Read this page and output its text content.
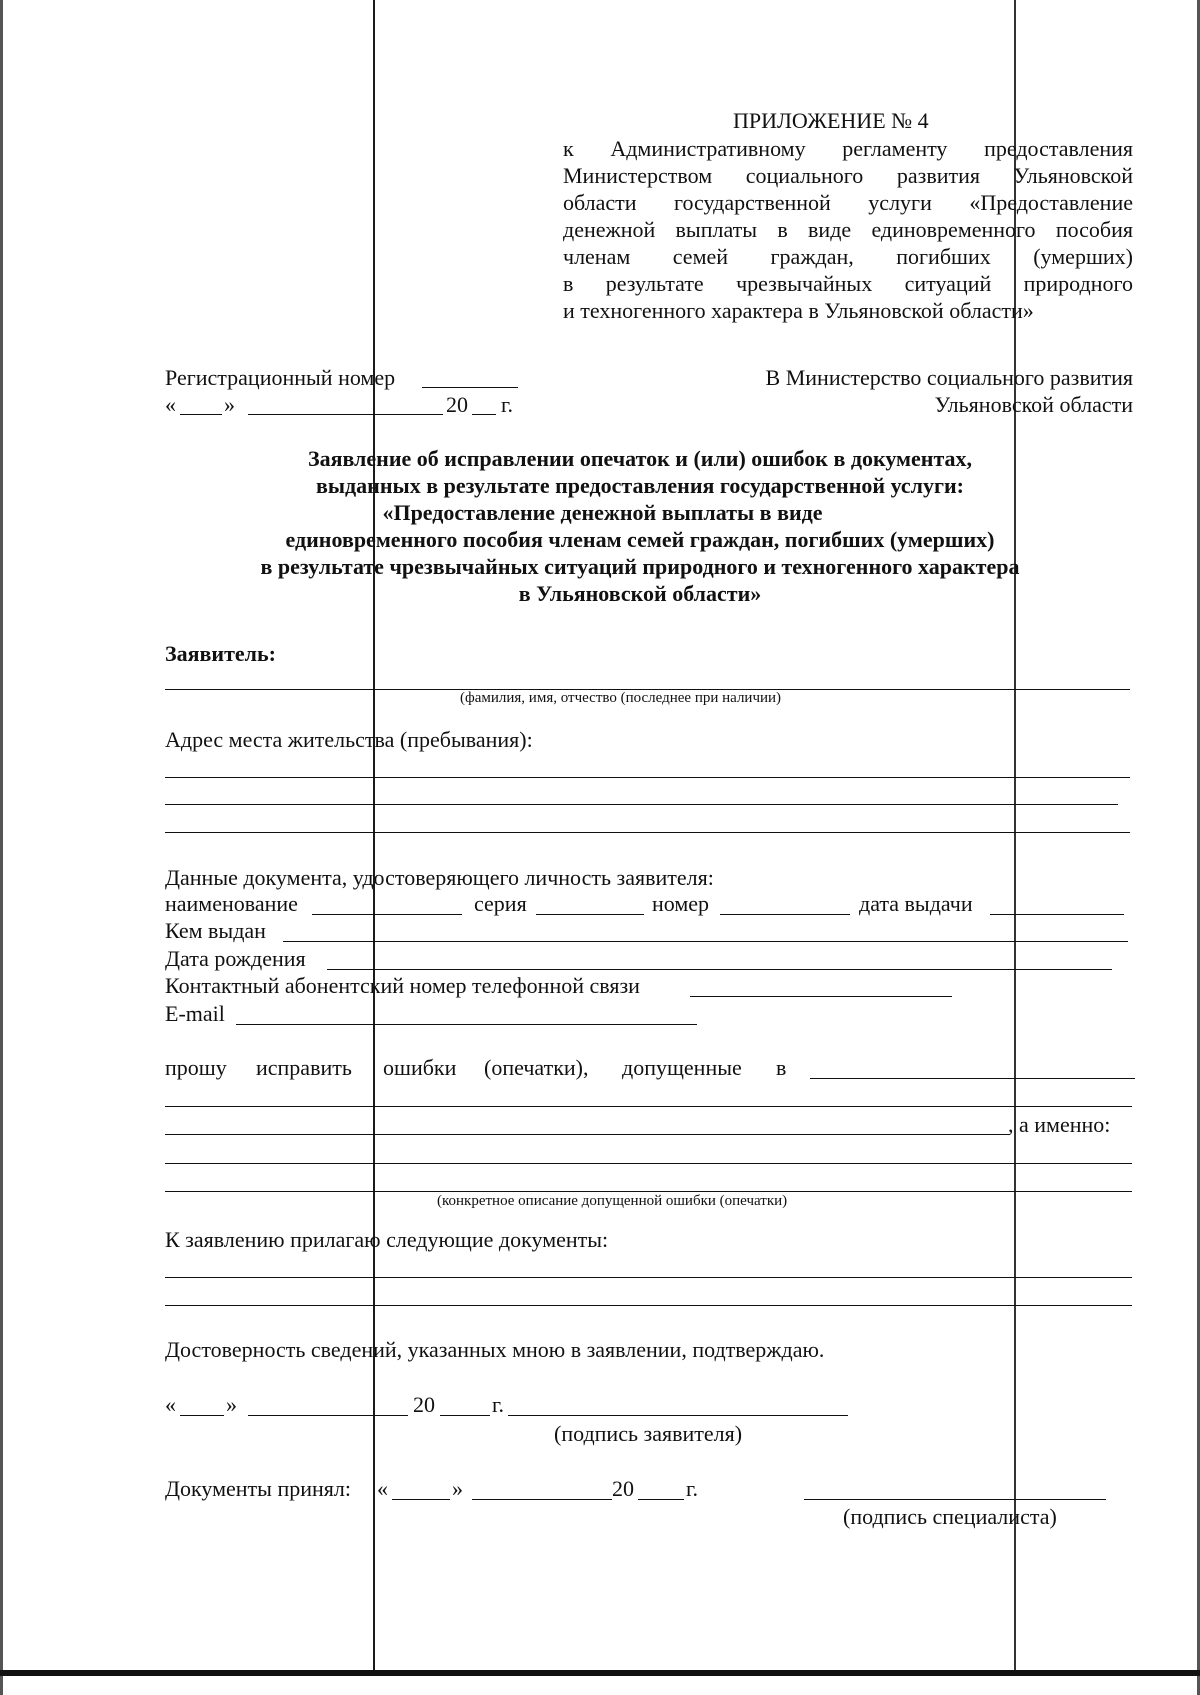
ПРИЛОЖЕНИЕ № 4
к Административному регламенту предоставления
Министерством социального развития Ульяновской
области государственной услуги «Предоставление
денежной выплаты в виде единовременного пособия
членам семей граждан, погибших (умерших)
в результате чрезвычайных ситуаций природного
и техногенного характера в Ульяновской области»
Регистрационный номер
« »	20 г.
В Министерство социального развития
Ульяновской области
Заявление об исправлении опечаток и (или) ошибок в документах,
выданных в результате предоставления государственной услуги:
«Предоставление денежной выплаты в виде
единовременного пособия членам семей граждан, погибших (умерших)
в результате чрезвычайных ситуаций природного и техногенного характера
в Ульяновской области»
Заявитель:
(фамилия, имя, отчество (последнее при наличии)
Адрес места жительства (пребывания):
Данные документа, удостоверяющего личность заявителя:
наименование	серия	номер	дата выдачи
Кем выдан
Дата рождения
Контактный абонентский номер телефонной связи
E-mail
прошу исправить ошибки (опечатки), допущенные в
, а именно:
(конкретное описание допущенной ошибки (опечатки)
К заявлению прилагаю следующие документы:
Достоверность сведений, указанных мною в заявлении, подтверждаю.
« »	20	г.
(подпись заявителя)
Документы принял: «	»	20 г.
(подпись специалиста)
